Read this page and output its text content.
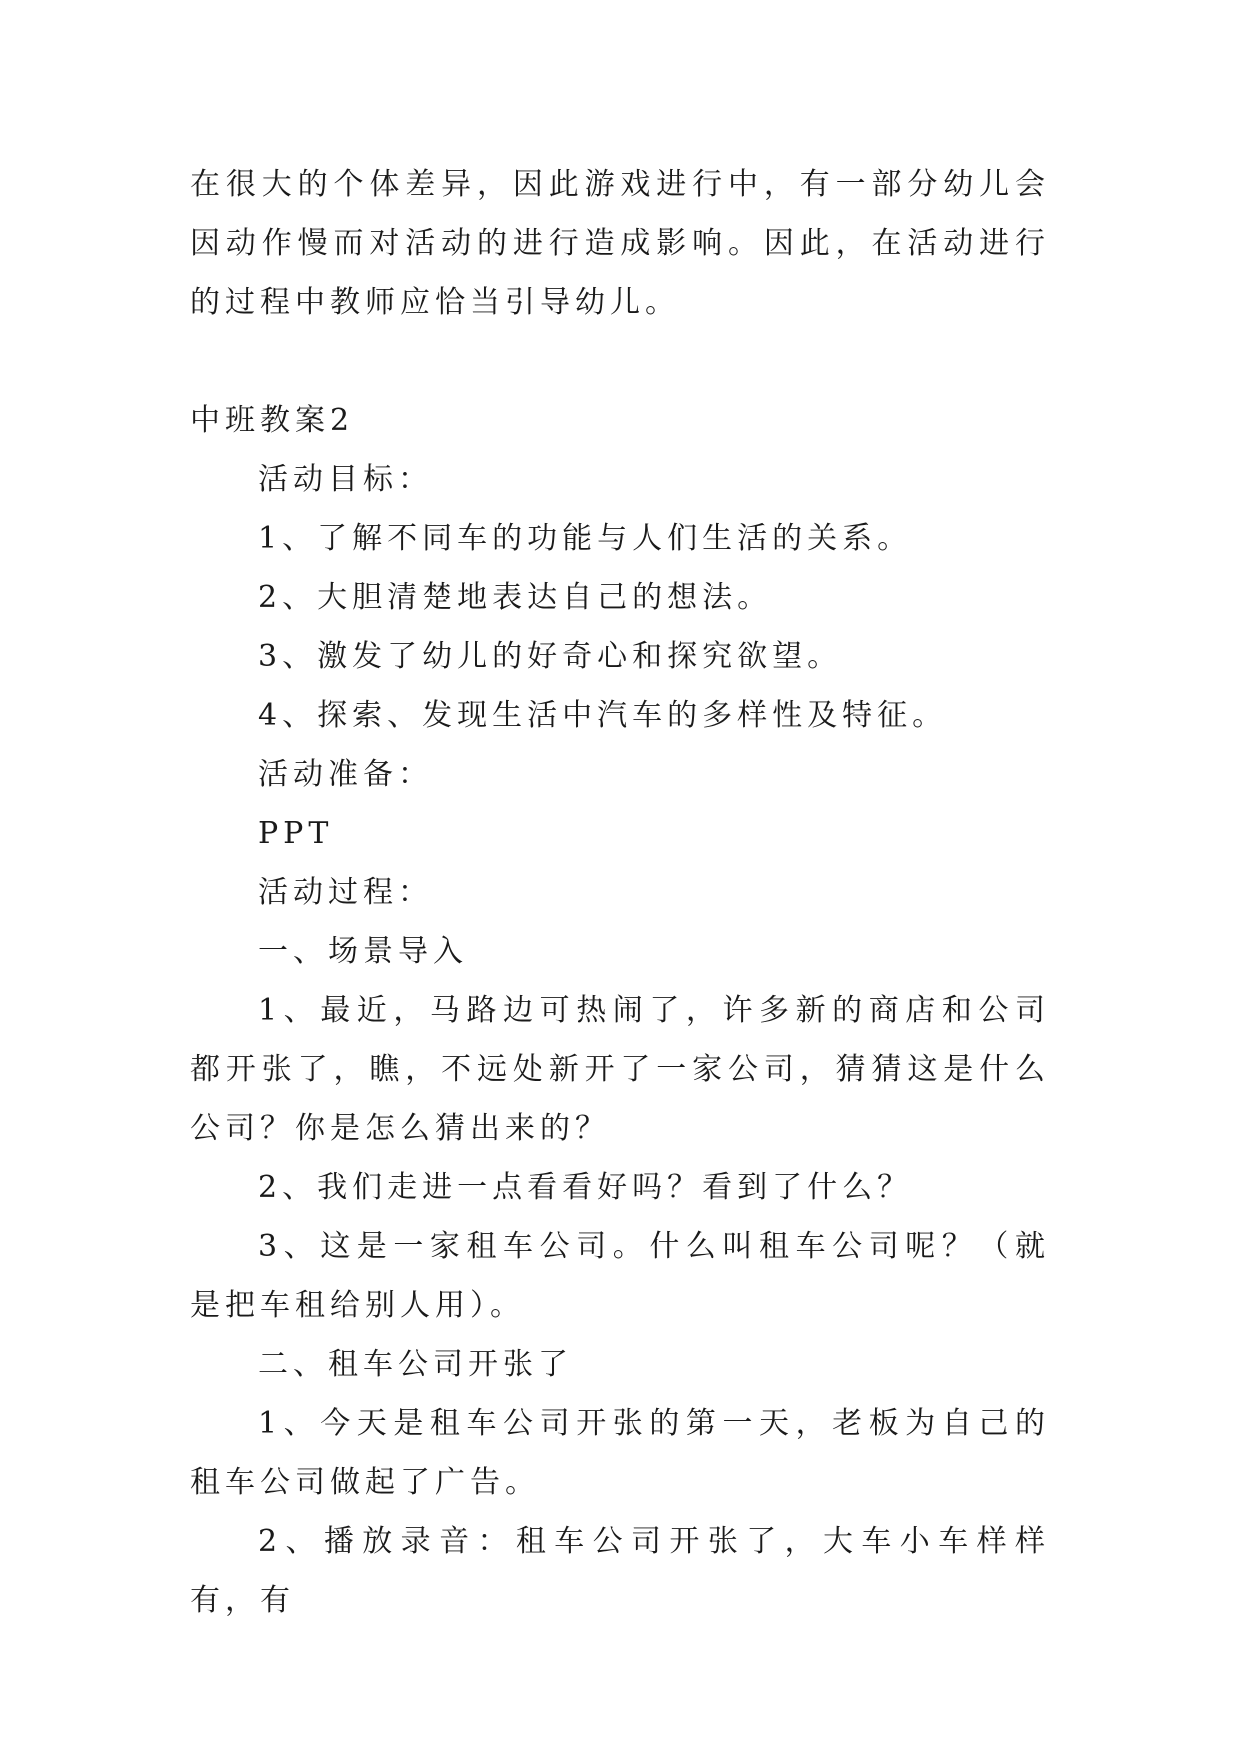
在很大的个体差异，因此游戏进行中，有一部分幼儿会因动作慢而对活动的进行造成影响。因此，在活动进行的过程中教师应恰当引导幼儿。

中班教案2

活动目标：

1、了解不同车的功能与人们生活的关系。

2、大胆清楚地表达自己的想法。

3、激发了幼儿的好奇心和探究欲望。

4、探索、发现生活中汽车的多样性及特征。

活动准备：

PPT

活动过程：

一、场景导入

1、最近，马路边可热闹了，许多新的商店和公司都开张了，瞧，不远处新开了一家公司，猜猜这是什么公司？你是怎么猜出来的？

2、我们走进一点看看好吗？看到了什么？

3、这是一家租车公司。什么叫租车公司呢？（就是把车租给别人用）。

二、租车公司开张了

1、今天是租车公司开张的第一天，老板为自己的租车公司做起了广告。

2、播放录音：租车公司开张了，大车小车样样有，有
